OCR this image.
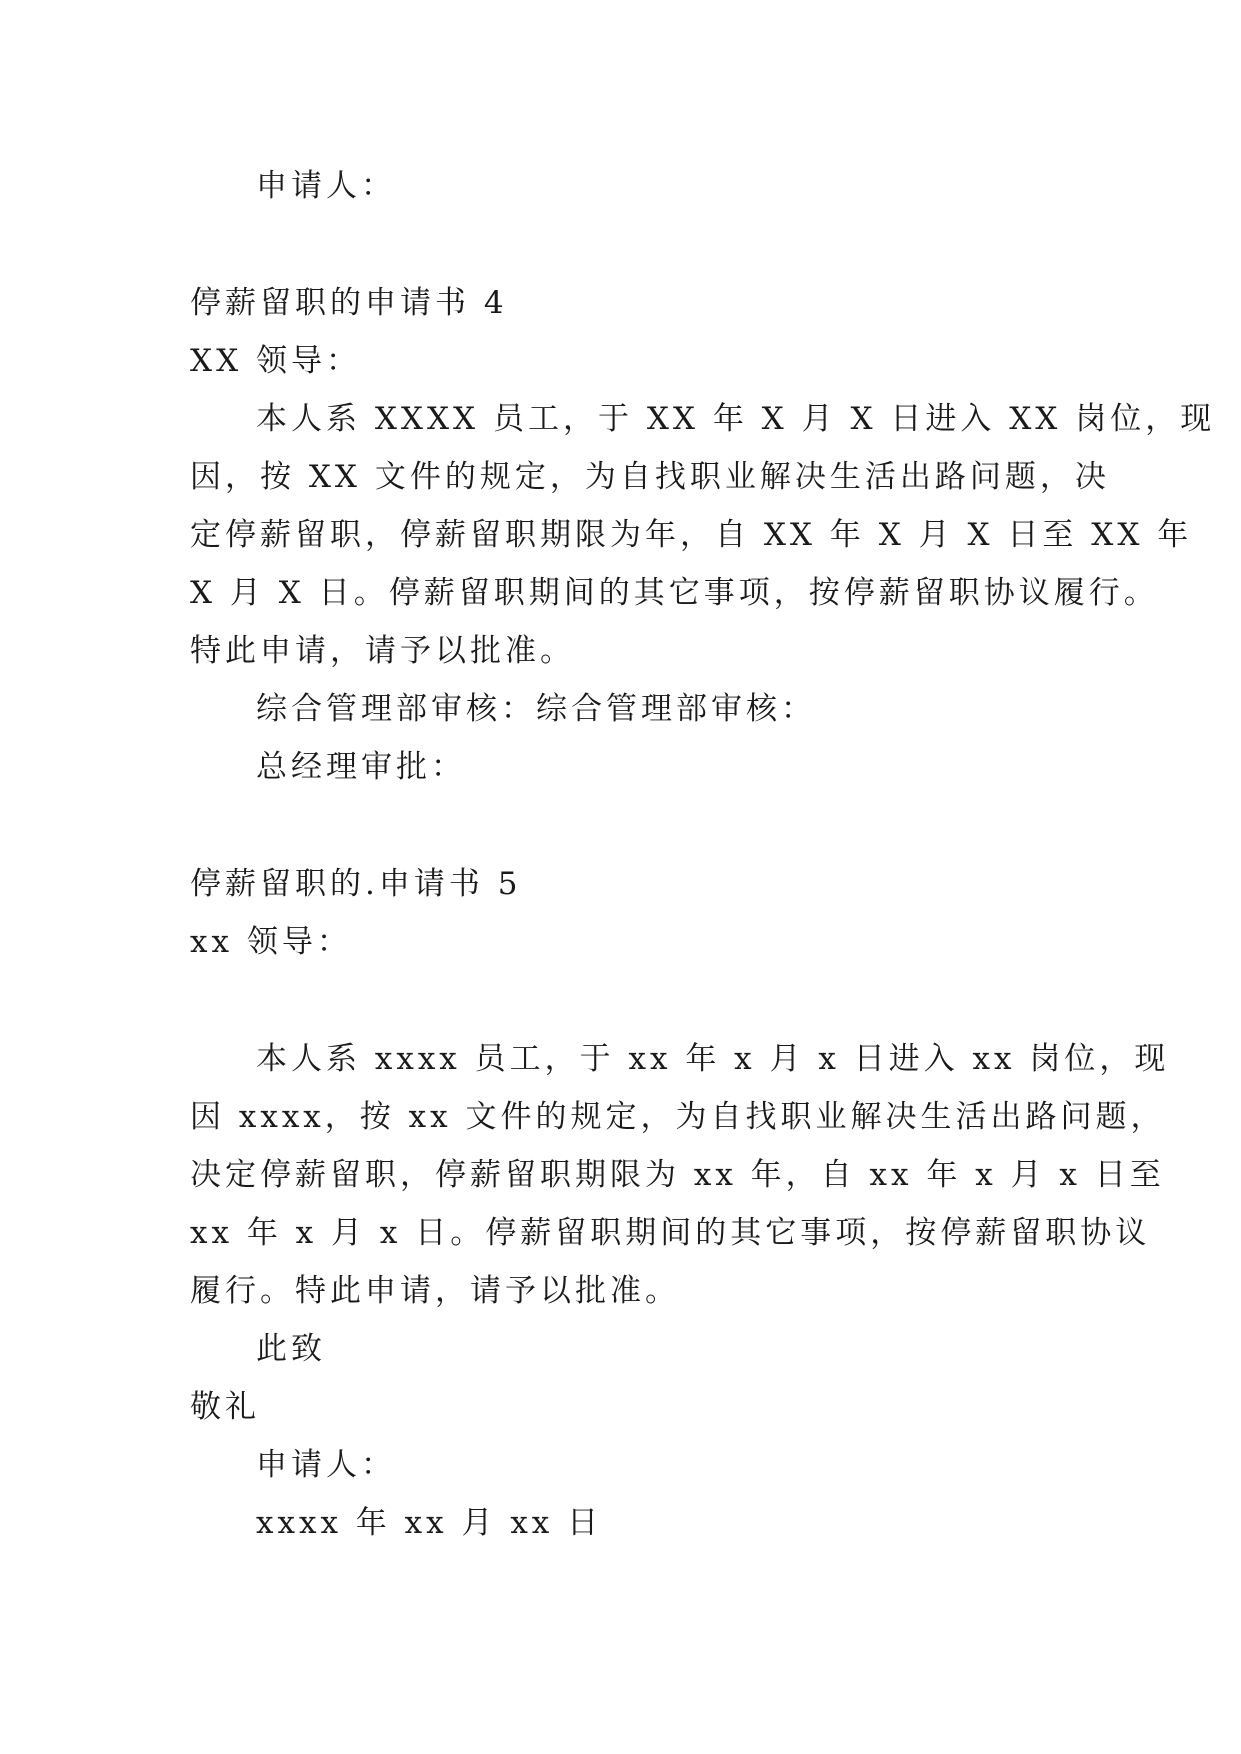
申请人：

停薪留职的申请书 4

XX 领导：

本人系 XXXX 员工，于 XX 年 X 月 X 日进入 XX 岗位，现

因，按 XX 文件的规定，为自找职业解决生活出路问题，决

定停薪留职，停薪留职期限为年，自 XX 年 X 月 X 日至 XX 年

X 月 X 日。停薪留职期间的其它事项，按停薪留职协议履行。

特此申请，请予以批准。

综合管理部审核：综合管理部审核：

总经理审批：

停薪留职的.申请书 5

xx 领导：

本人系 xxxx 员工，于 xx 年 x 月 x 日进入 xx 岗位，现

因 xxxx，按 xx 文件的规定，为自找职业解决生活出路问题，

决定停薪留职，停薪留职期限为 xx 年，自 xx 年 x 月 x 日至

xx 年 x 月 x 日。停薪留职期间的其它事项，按停薪留职协议

履行。特此申请，请予以批准。

此致

敬礼

申请人：

xxxx 年 xx 月 xx 日
